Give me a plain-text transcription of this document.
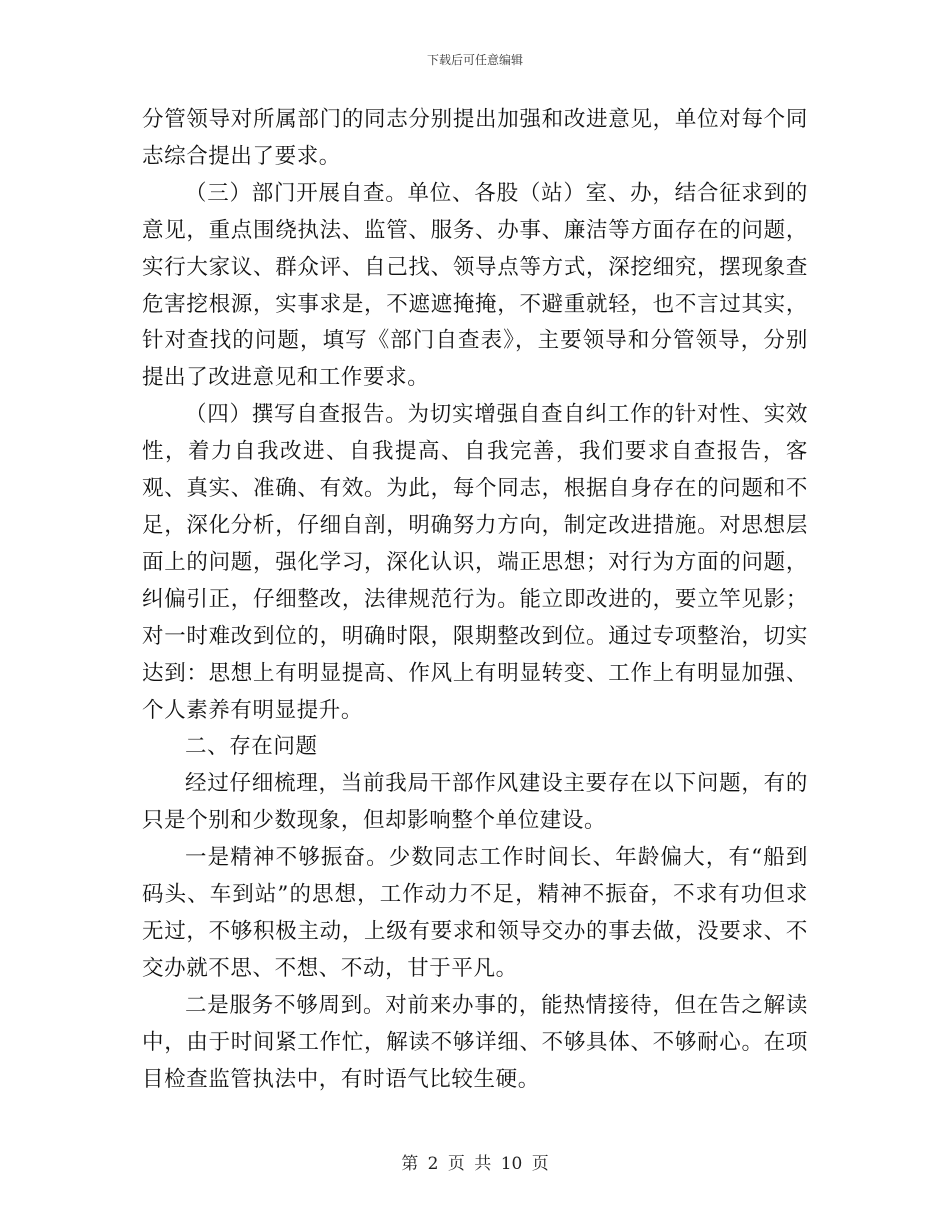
下载后可任意编辑

分管领导对所属部门的同志分别提出加强和改进意见，单位对每个同志综合提出了要求。

（三）部门开展自查。单位、各股（站）室、办，结合征求到的意见，重点围绕执法、监管、服务、办事、廉洁等方面存在的问题，实行大家议、群众评、自己找、领导点等方式，深挖细究，摆现象查危害挖根源，实事求是，不遮遮掩掩，不避重就轻，也不言过其实，针对查找的问题，填写《部门自查表》，主要领导和分管领导，分别提出了改进意见和工作要求。

（四）撰写自查报告。为切实增强自查自纠工作的针对性、实效性，着力自我改进、自我提高、自我完善，我们要求自查报告，客观、真实、准确、有效。为此，每个同志，根据自身存在的问题和不足，深化分析，仔细自剖，明确努力方向，制定改进措施。对思想层面上的问题，强化学习，深化认识，端正思想；对行为方面的问题，纠偏引正，仔细整改，法律规范行为。能立即改进的，要立竿见影；对一时难改到位的，明确时限，限期整改到位。通过专项整治，切实达到：思想上有明显提高、作风上有明显转变、工作上有明显加强、个人素养有明显提升。

二、存在问题

经过仔细梳理，当前我局干部作风建设主要存在以下问题，有的只是个别和少数现象，但却影响整个单位建设。

一是精神不够振奋。少数同志工作时间长、年龄偏大，有“船到码头、车到站”的思想，工作动力不足，精神不振奋，不求有功但求无过，不够积极主动，上级有要求和领导交办的事去做，没要求、不交办就不思、不想、不动，甘于平凡。

二是服务不够周到。对前来办事的，能热情接待，但在告之解读中，由于时间紧工作忙，解读不够详细、不够具体、不够耐心。在项目检查监管执法中，有时语气比较生硬。

第 2 页 共 10 页
